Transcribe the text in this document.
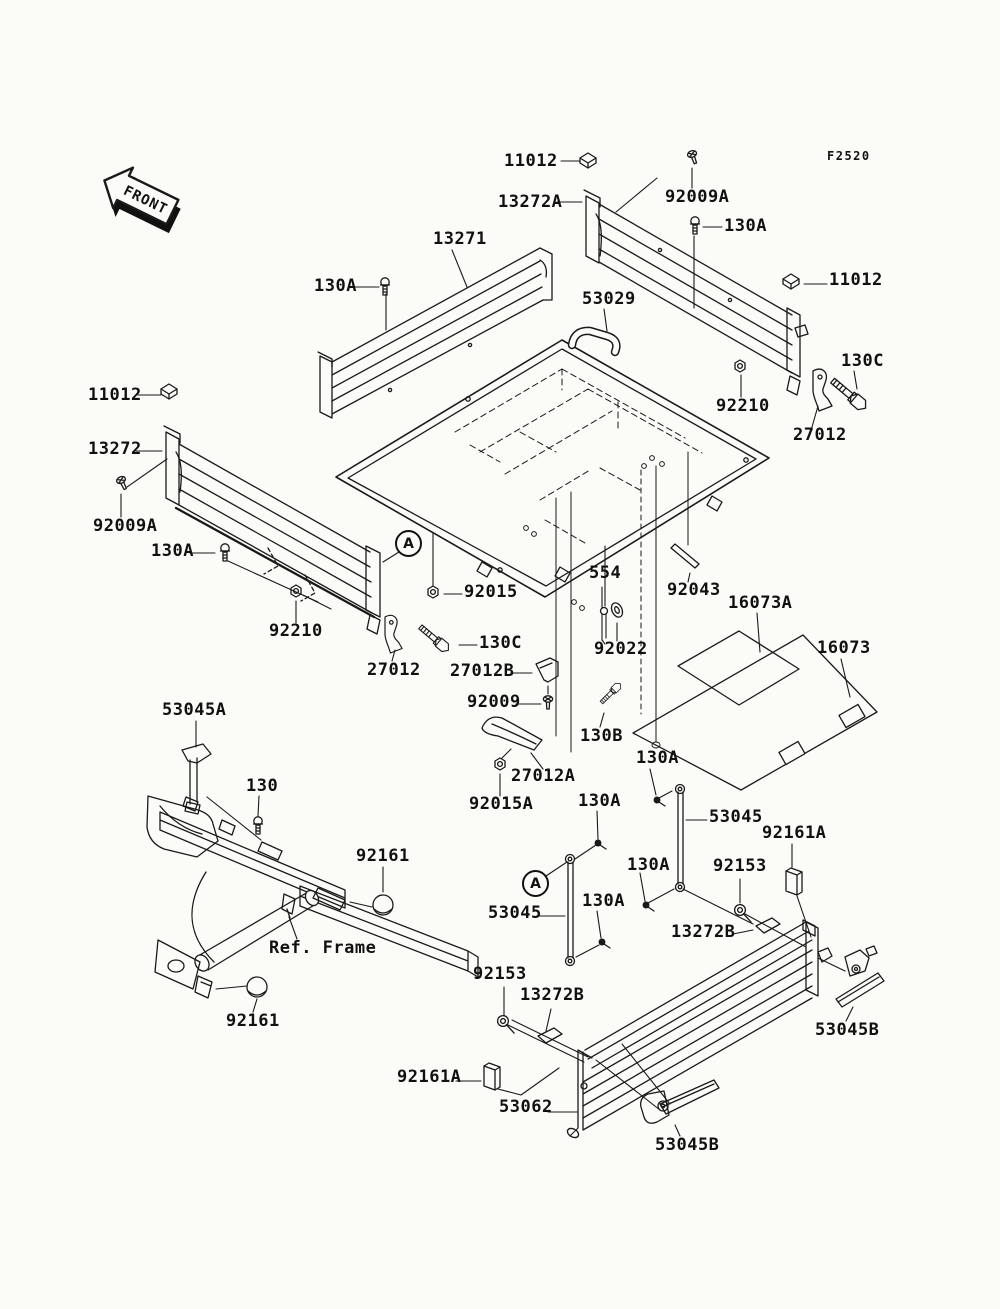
FRONT
11012
13272A	92009A
130A
13271
130A
53029
11012
130C
92210
27012
11012
13272
92009A
130A
92210
27012
92015
130C
27012B
92009
554
92022
92043
16073A
16073
130B
27012A
92015A
130A
130A
130A
130A
53045
92161A
92153
13272B
53045
92153
13272B
92161A
53062
53045B
53045B
53045A
130
92161
Ref. Frame
92161
A
A
F2520
